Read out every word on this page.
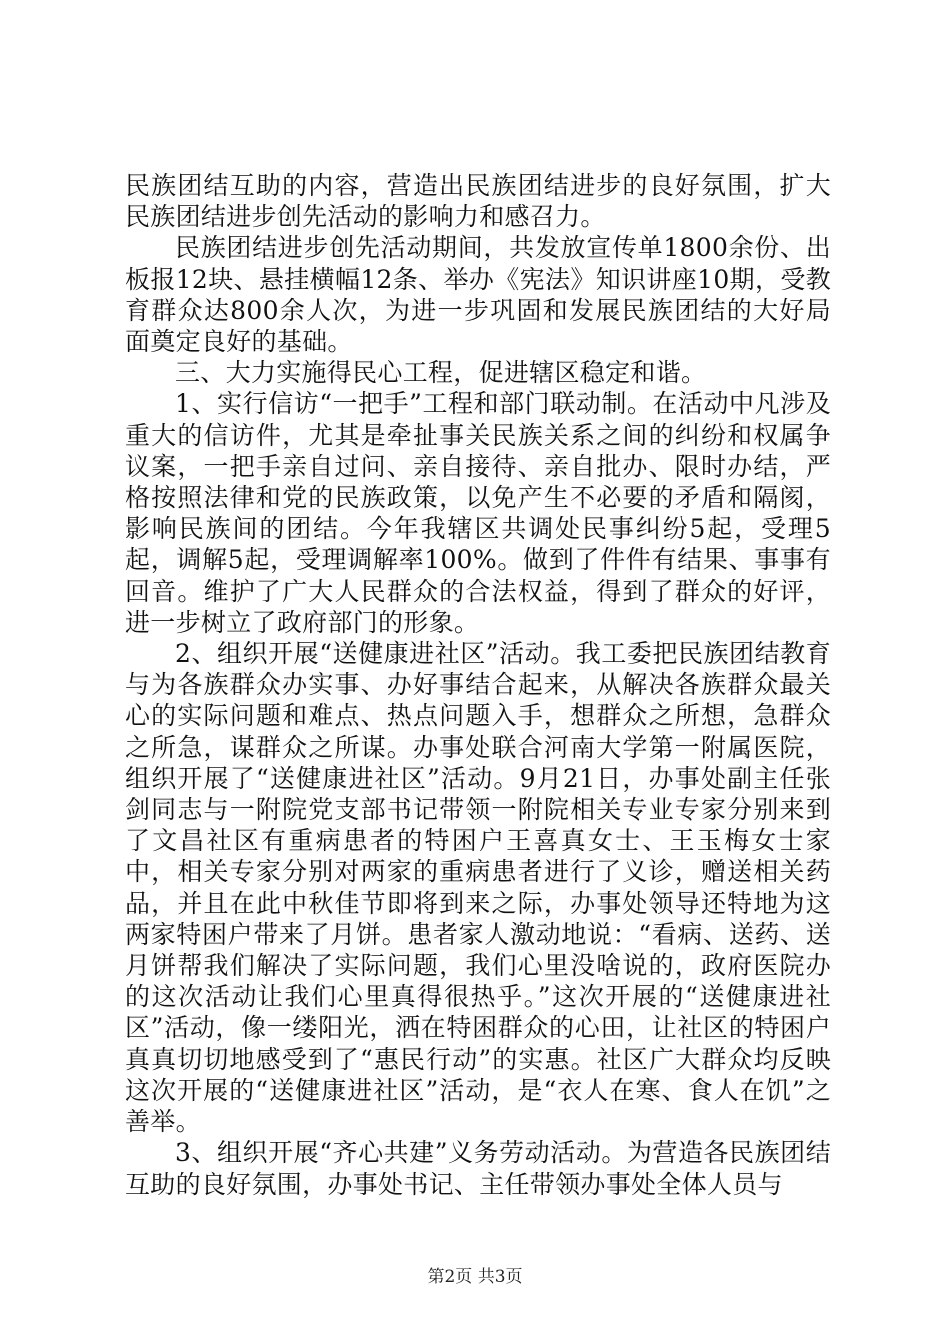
民族团结互助的内容，营造出民族团结进步的良好氛围，扩大民族团结进步创先活动的影响力和感召力。

民族团结进步创先活动期间，共发放宣传单1800余份、出板报12块、悬挂横幅12条、举办《宪法》知识讲座10期，受教育群众达800余人次，为进一步巩固和发展民族团结的大好局面奠定良好的基础。

三、大力实施得民心工程，促进辖区稳定和谐。

1、实行信访“一把手”工程和部门联动制。在活动中凡涉及重大的信访件，尤其是牵扯事关民族关系之间的纠纷和权属争议案，一把手亲自过问、亲自接待、亲自批办、限时办结，严格按照法律和党的民族政策，以免产生不必要的矛盾和隔阂，影响民族间的团结。今年我辖区共调处民事纠纷5起，受理5起，调解5起，受理调解率100%。做到了件件有结果、事事有回音。维护了广大人民群众的合法权益，得到了群众的好评，进一步树立了政府部门的形象。

2、组织开展“送健康进社区”活动。我工委把民族团结教育与为各族群众办实事、办好事结合起来，从解决各族群众最关心的实际问题和难点、热点问题入手，想群众之所想，急群众之所急，谋群众之所谋。办事处联合河南大学第一附属医院，组织开展了“送健康进社区”活动。9月21日，办事处副主任张剑同志与一附院党支部书记带领一附院相关专业专家分别来到了文昌社区有重病患者的特困户王喜真女士、王玉梅女士家中，相关专家分别对两家的重病患者进行了义诊，赠送相关药品，并且在此中秋佳节即将到来之际，办事处领导还特地为这两家特困户带来了月饼。患者家人激动地说：“看病、送药、送月饼帮我们解决了实际问题，我们心里没啥说的，政府医院办的这次活动让我们心里真得很热乎。”这次开展的“送健康进社区”活动，像一缕阳光，洒在特困群众的心田，让社区的特困户真真切切地感受到了“惠民行动”的实惠。社区广大群众均反映这次开展的“送健康进社区”活动，是“衣人在寒、食人在饥”之善举。

3、组织开展“齐心共建”义务劳动活动。为营造各民族团结互助的良好氛围，办事处书记、主任带领办事处全体人员与

第2页 共3页
